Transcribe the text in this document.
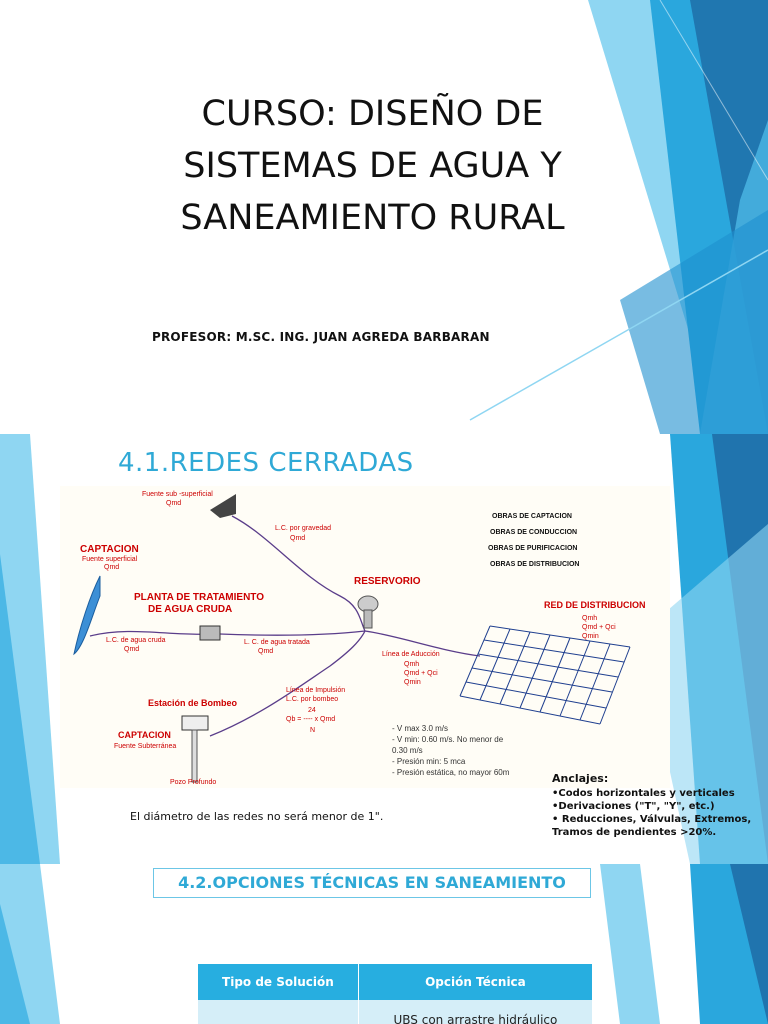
CURSO: DISEÑO DE
SISTEMAS DE AGUA Y
SANEAMIENTO RURAL
PROFESOR: M.SC. ING. JUAN AGREDA BARBARAN
4.1.REDES CERRADAS
Fuente sub -superficial
Qmd
L.C. por gravedad
Qmd
CAPTACION
Fuente superficial
Qmd
PLANTA DE TRATAMIENTO
DE AGUA CRUDA
L.C. de agua cruda
Qmd
L. C. de agua tratada
Qmd
RESERVORIO
Estación de Bombeo
CAPTACION
Fuente Subterránea
Pozo Profundo
Línea de Impulsión
L.C. por bombeo
24
Qb = ---- x Qmd
N
Línea de Aducción
Qmh
Qmd + Qci
Qmin
OBRAS DE CAPTACION
OBRAS DE CONDUCCION
OBRAS DE PURIFICACION
OBRAS DE DISTRIBUCION
RED DE DISTRIBUCION
Qmh
Qmd + Qci
Qmin
- V max 3.0 m/s
- V min: 0.60 m/s. No menor de
0.30 m/s
- Presión min: 5 mca
- Presión estática, no mayor 60m
El diámetro de las redes no será menor de 1".
Anclajes:
•Codos horizontales y verticales
•Derivaciones ("T", "Y", etc.)
• Reducciones, Válvulas, Extremos,
Tramos de pendientes >20%.
4.2.OPCIONES TÉCNICAS EN SANEAMIENTO
Tipo de Solución	Opción Técnica
	UBS con arrastre hidráulico
